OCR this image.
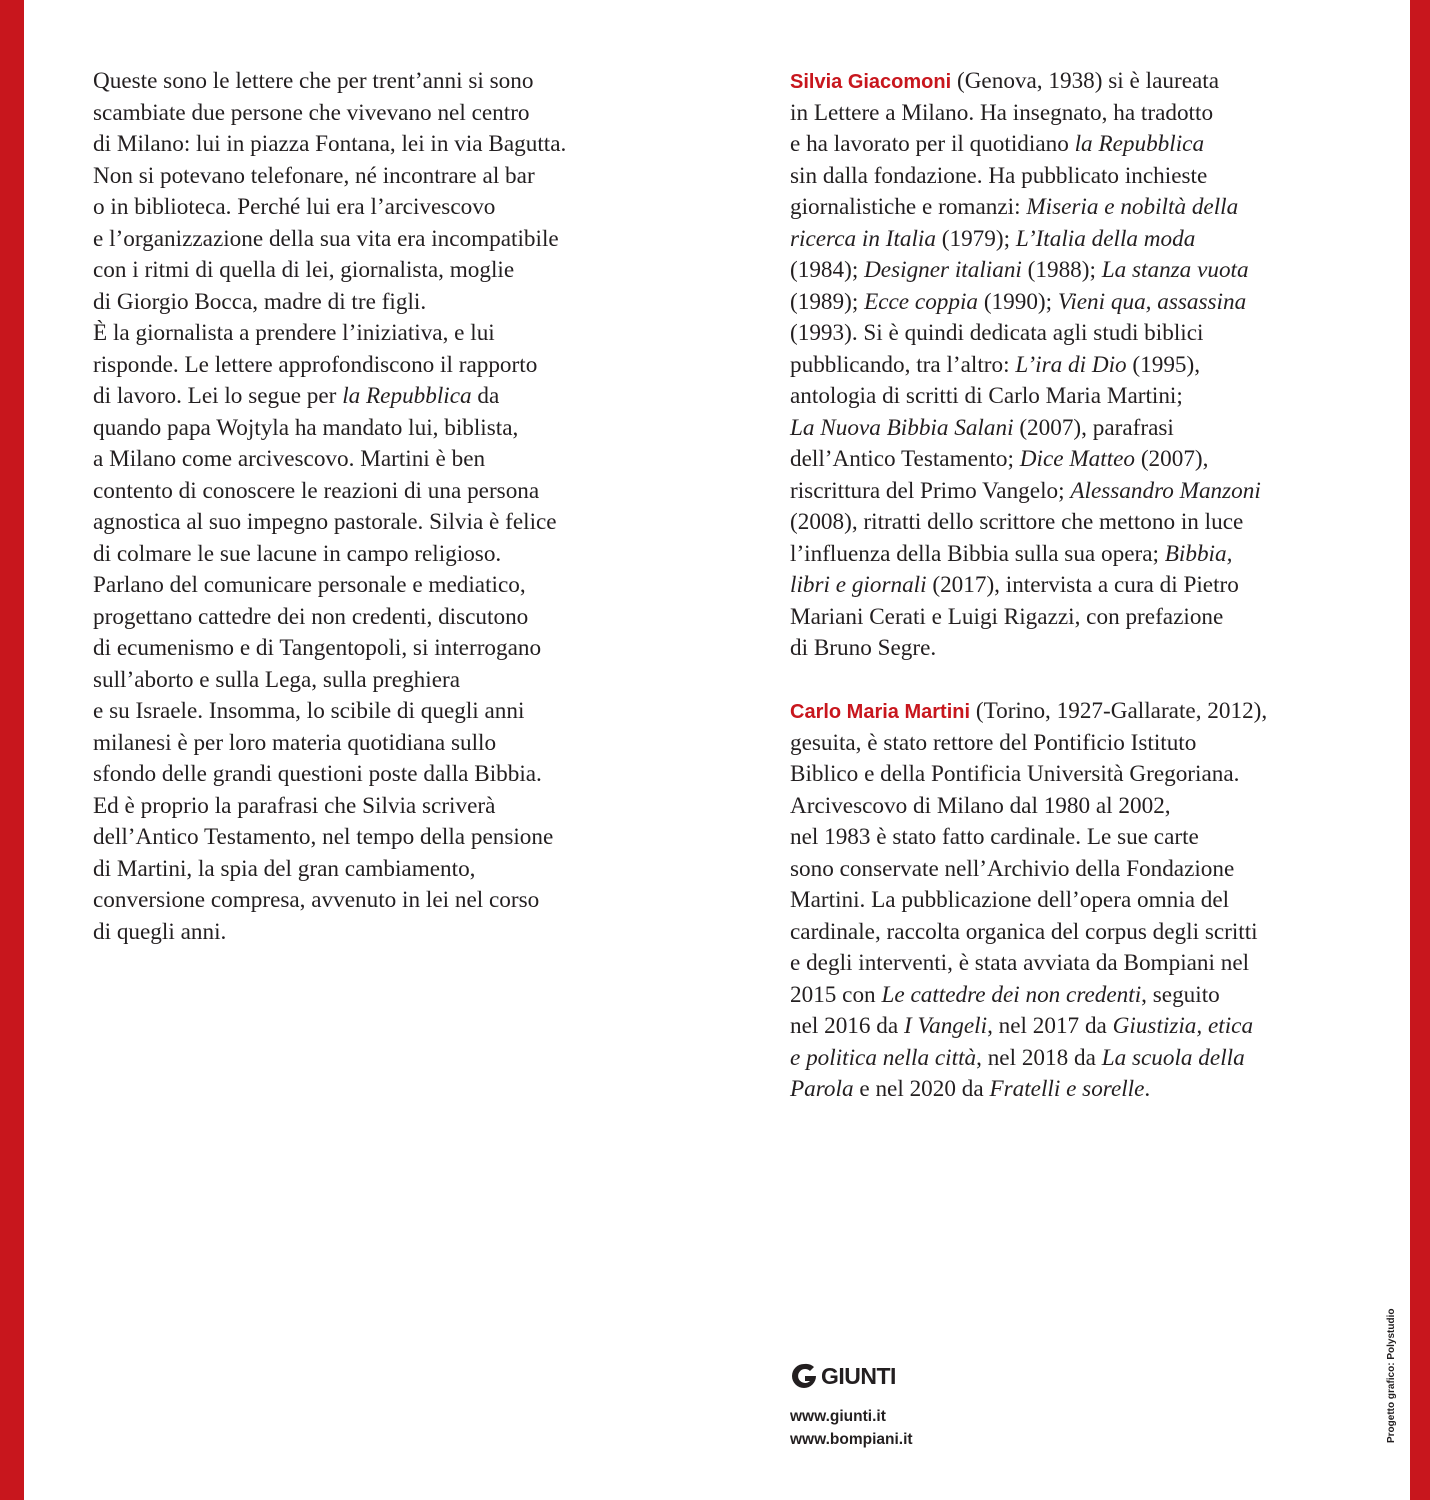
Queste sono le lettere che per trent’anni si sono
scambiate due persone che vivevano nel centro
di Milano: lui in piazza Fontana, lei in via Bagutta.
Non si potevano telefonare, né incontrare al bar
o in biblioteca. Perché lui era l’arcivescovo
e l’organizzazione della sua vita era incompatibile
con i ritmi di quella di lei, giornalista, moglie
di Giorgio Bocca, madre di tre figli.
È la giornalista a prendere l’iniziativa, e lui
risponde. Le lettere approfondiscono il rapporto
di lavoro. Lei lo segue per la Repubblica da
quando papa Wojtyla ha mandato lui, biblista,
a Milano come arcivescovo. Martini è ben
contento di conoscere le reazioni di una persona
agnostica al suo impegno pastorale. Silvia è felice
di colmare le sue lacune in campo religioso.
Parlano del comunicare personale e mediatico,
progettano cattedre dei non credenti, discutono
di ecumenismo e di Tangentopoli, si interrogano
sull’aborto e sulla Lega, sulla preghiera
e su Israele. Insomma, lo scibile di quegli anni
milanesi è per loro materia quotidiana sullo
sfondo delle grandi questioni poste dalla Bibbia.
Ed è proprio la parafrasi che Silvia scriverà
dell’Antico Testamento, nel tempo della pensione
di Martini, la spia del gran cambiamento,
conversione compresa, avvenuto in lei nel corso
di quegli anni.
Silvia Giacomoni (Genova, 1938) si è laureata
in Lettere a Milano. Ha insegnato, ha tradotto
e ha lavorato per il quotidiano la Repubblica
sin dalla fondazione. Ha pubblicato inchieste
giornalistiche e romanzi: Miseria e nobiltà della
ricerca in Italia (1979); L’Italia della moda
(1984); Designer italiani (1988); La stanza vuota
(1989); Ecce coppia (1990); Vieni qua, assassina
(1993). Si è quindi dedicata agli studi biblici
pubblicando, tra l’altro: L’ira di Dio (1995),
antologia di scritti di Carlo Maria Martini;
La Nuova Bibbia Salani (2007), parafrasi
dell’Antico Testamento; Dice Matteo (2007),
riscrittura del Primo Vangelo; Alessandro Manzoni
(2008), ritratti dello scrittore che mettono in luce
l’influenza della Bibbia sulla sua opera; Bibbia,
libri e giornali (2017), intervista a cura di Pietro
Mariani Cerati e Luigi Rigazzi, con prefazione
di Bruno Segre.
Carlo Maria Martini (Torino, 1927-Gallarate, 2012),
gesuita, è stato rettore del Pontificio Istituto
Biblico e della Pontificia Università Gregoriana.
Arcivescovo di Milano dal 1980 al 2002,
nel 1983 è stato fatto cardinale. Le sue carte
sono conservate nell’Archivio della Fondazione
Martini. La pubblicazione dell’opera omnia del
cardinale, raccolta organica del corpus degli scritti
e degli interventi, è stata avviata da Bompiani nel
2015 con Le cattedre dei non credenti, seguito
nel 2016 da I Vangeli, nel 2017 da Giustizia, etica
e politica nella città, nel 2018 da La scuola della
Parola e nel 2020 da Fratelli e sorelle.
GIUNTI
www.giunti.it
www.bompiani.it	Progetto grafico: Polystudio
